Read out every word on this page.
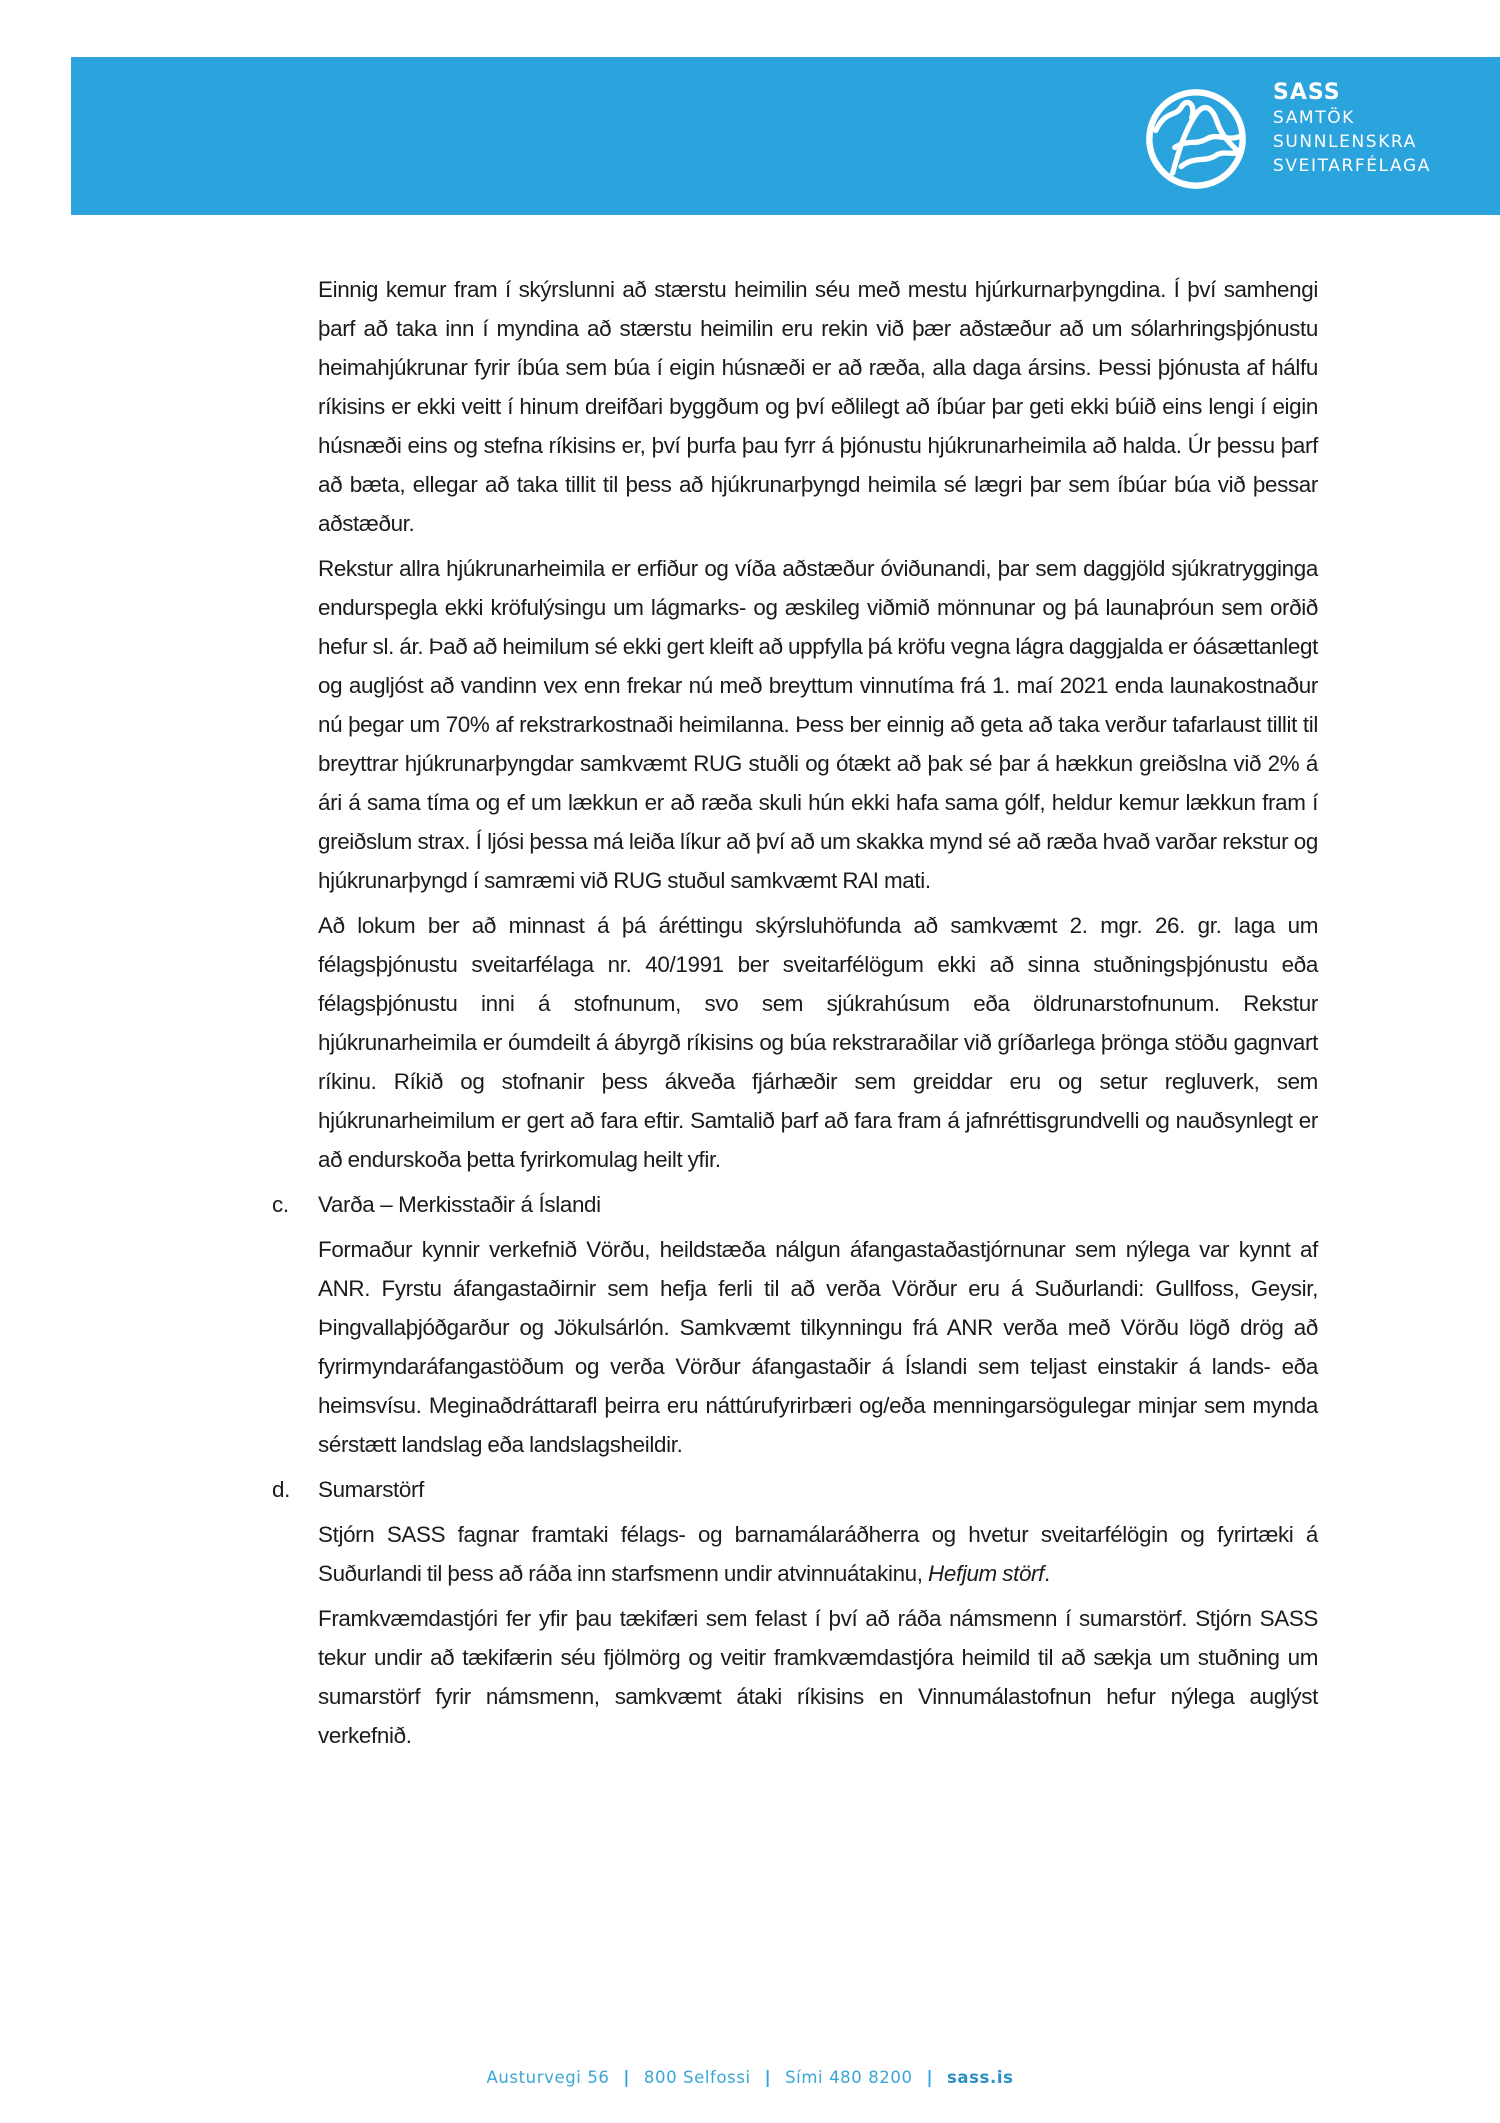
SASS
SAMTÖK
SUNNLENSKRA
SVEITARFÉLAGA

Einnig kemur fram í skýrslunni að stærstu heimilin séu með mestu hjúrkurnarþyngdina. Í því samhengi þarf að taka inn í myndina að stærstu heimilin eru rekin við þær aðstæður að um sólarhringsþjónustu heimahjúkrunar fyrir íbúa sem búa í eigin húsnæði er að ræða, alla daga ársins. Þessi þjónusta af hálfu ríkisins er ekki veitt í hinum dreifðari byggðum og því eðlilegt að íbúar þar geti ekki búið eins lengi í eigin húsnæði eins og stefna ríkisins er, því þurfa þau fyrr á þjónustu hjúkrunarheimila að halda. Úr þessu þarf að bæta, ellegar að taka tillit til þess að hjúkrunarþyngd heimila sé lægri þar sem íbúar búa við þessar aðstæður.

Rekstur allra hjúkrunarheimila er erfiður og víða aðstæður óviðunandi, þar sem daggjöld sjúkratrygginga endurspegla ekki kröfulýsingu um lágmarks- og æskileg viðmið mönnunar og þá launaþróun sem orðið hefur sl. ár. Það að heimilum sé ekki gert kleift að uppfylla þá kröfu vegna lágra daggjalda er óásættanlegt og augljóst að vandinn vex enn frekar nú með breyttum vinnutíma frá 1. maí 2021 enda launakostnaður nú þegar um 70% af rekstrarkostnaði heimilanna. Þess ber einnig að geta að taka verður tafarlaust tillit til breyttrar hjúkrunarþyngdar samkvæmt RUG stuðli og ótækt að þak sé þar á hækkun greiðslna við 2% á ári á sama tíma og ef um lækkun er að ræða skuli hún ekki hafa sama gólf, heldur kemur lækkun fram í greiðslum strax. Í ljósi þessa má leiða líkur að því að um skakka mynd sé að ræða hvað varðar rekstur og hjúkrunarþyngd í samræmi við RUG stuðul samkvæmt RAI mati.

Að lokum ber að minnast á þá áréttingu skýrsluhöfunda að samkvæmt 2. mgr. 26. gr. laga um félagsþjónustu sveitarfélaga nr. 40/1991 ber sveitarfélögum ekki að sinna stuðningsþjónustu eða félagsþjónustu inni á stofnunum, svo sem sjúkrahúsum eða öldrunarstofnunum. Rekstur hjúkrunarheimila er óumdeilt á ábyrgð ríkisins og búa rekstraraðilar við gríðarlega þrönga stöðu gagnvart ríkinu. Ríkið og stofnanir þess ákveða fjárhæðir sem greiddar eru og setur regluverk, sem hjúkrunarheimilum er gert að fara eftir. Samtalið þarf að fara fram á jafnréttisgrundvelli og nauðsynlegt er að endurskoða þetta fyrirkomulag heilt yfir.

c. Varða – Merkisstaðir á Íslandi

Formaður kynnir verkefnið Vörðu, heildstæða nálgun áfangastaðastjórnunar sem nýlega var kynnt af ANR. Fyrstu áfangastaðirnir sem hefja ferli til að verða Vörður eru á Suðurlandi: Gullfoss, Geysir, Þingvallaþjóðgarður og Jökulsárlón. Samkvæmt tilkynningu frá ANR verða með Vörðu lögð drög að fyrirmyndaráfangastöðum og verða Vörður áfangastaðir á Íslandi sem teljast einstakir á lands- eða heimsvísu. Meginaðdráttarafl þeirra eru náttúrufyrirbæri og/eða menningarsögulegar minjar sem mynda sérstætt landslag eða landslagsheildir.

d. Sumarstörf

Stjórn SASS fagnar framtaki félags- og barnamálaráðherra og hvetur sveitarfélögin og fyrirtæki á Suðurlandi til þess að ráða inn starfsmenn undir atvinnuátakinu, Hefjum störf.

Framkvæmdastjóri fer yfir þau tækifæri sem felast í því að ráða námsmenn í sumarstörf. Stjórn SASS tekur undir að tækifærin séu fjölmörg og veitir framkvæmdastjóra heimild til að sækja um stuðning um sumarstörf fyrir námsmenn, samkvæmt átaki ríkisins en Vinnumálastofnun hefur nýlega auglýst verkefnið.

Austurvegi 56 | 800 Selfossi | Sími 480 8200 | sass.is
